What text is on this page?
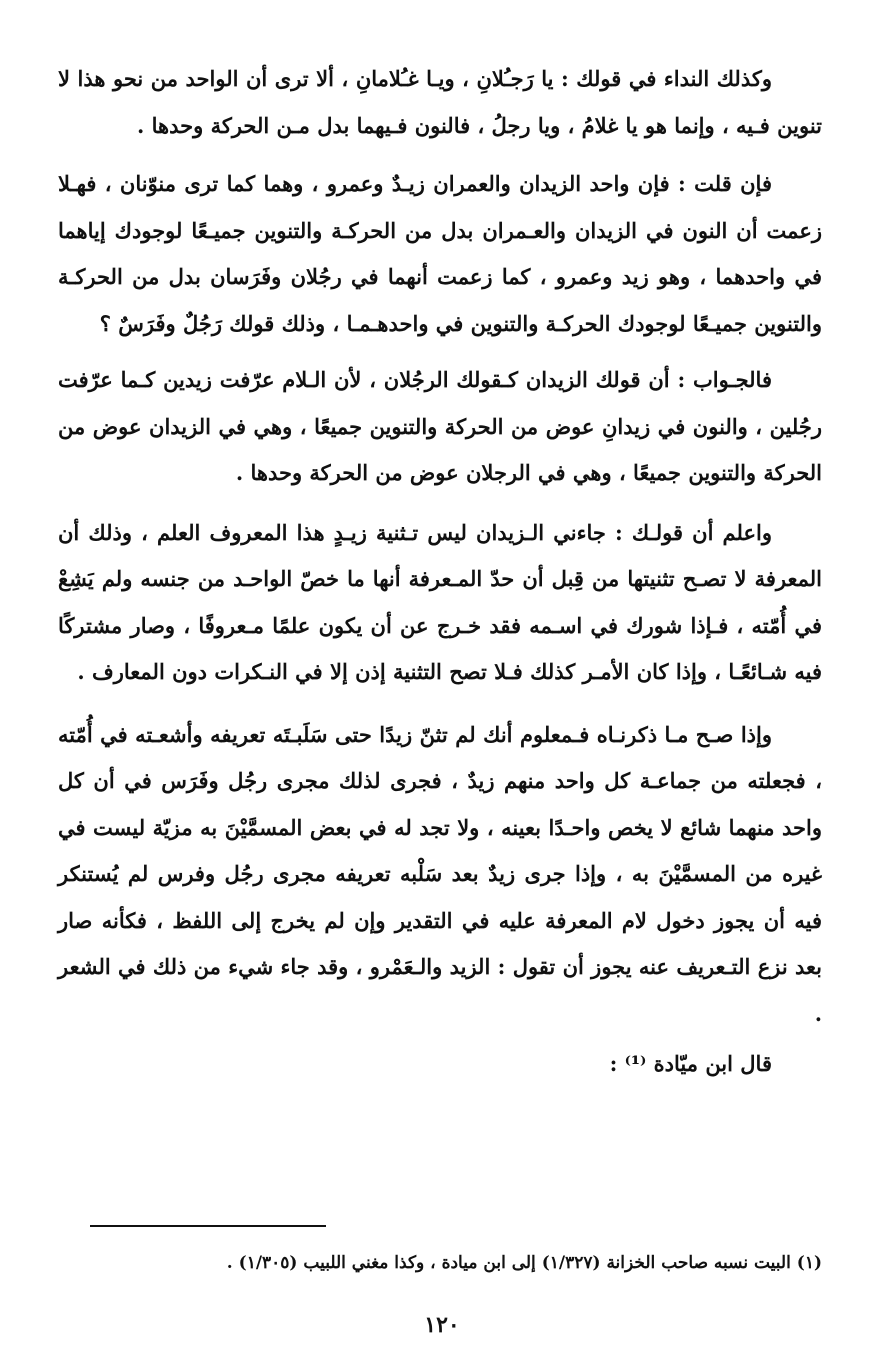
وكذلك النداء في قولك : يا رَجـُلانِ ، ويـا غـُلامانِ ، ألا ترى أن الواحد من نحو هذا لا تنوين فـيه ، وإنما هو يا غلامُ ، ويا رجلُ ، فالنون فـيهما بدل مـن الحركة وحدها .

فإن قلت : فإن واحد الزيدان والعمران زيـدٌ وعمرو ، وهما كما ترى منوّنان ، فهـلا زعمت أن النون في الزيدان والعـمران بدل من الحركـة والتنوين جميـعًا لوجودك إياهما في واحدهما ، وهو زيد وعمرو ، كما زعمت أنهما في رجُلان وفَرَسان بدل من الحركـة والتنوين جميـعًا لوجودك الحركـة والتنوين في واحدهـمـا ، وذلك قولك رَجُلٌ وفَرَسٌ ؟

فالجـواب : أن قولك الزيدان كـقولك الرجُلان ، لأن الـلام عرّفت زيدين كـما عرّفت رجُلين ، والنون في زيدانِ عوض من الحركة والتنوين جميعًا ، وهي في الزيدان عوض من الحركة والتنوين جميعًا ، وهي في الرجلان عوض من الحركة وحدها .

واعلم أن قولـك : جاءني الـزيدان ليس تـثنية زيـدٍ هذا المعروف العلم ، وذلك أن المعرفة لا تصـح تثنيتها من قِبل أن حدّ المـعرفة أنها ما خصّ الواحـد من جنسه ولم يَشِعْ في أُمّته ، فـإذا شورك في اسـمه فقد خـرج عن أن يكون علمًا مـعروفًا ، وصار مشتركًا فيه شـائعًـا ، وإذا كان الأمـر كذلك فـلا تصح التثنية إذن إلا في النـكرات دون المعارف .

وإذا صـح مـا ذكرنـاه فـمعلوم أنك لم تثنّ زيدًا حتى سَلَبـتَه تعريفه وأشعـته في أُمّته ، فجعلته من جماعـة كل واحد منهم زيدٌ ، فجرى لذلك مجرى رجُل وفَرَس في أن كل واحد منهما شائع لا يخص واحـدًا بعينه ، ولا تجد له في بعض المسمَّيْنَ به مزيّة ليست في غيره من المسمَّيْنَ به ، وإذا جرى زيدٌ بعد سَلْبه تعريفه مجرى رجُل وفرس لم يُستنكر فيه أن يجوز دخول لام المعرفة عليه في التقدير وإن لم يخرج إلى اللفظ ، فكأنه صار بعد نزع التـعريف عنه يجوز أن تقول : الزيد والـعَمْرو ، وقد جاء شيء من ذلك في الشعر .

قال ابن ميّادة ⁽¹⁾ :

(١) البيت نسبه صاحب الخزانة (١/٣٢٧) إلى ابن ميادة ، وكذا مغني اللبيب (١/٣٠٥) .

١٢٠
